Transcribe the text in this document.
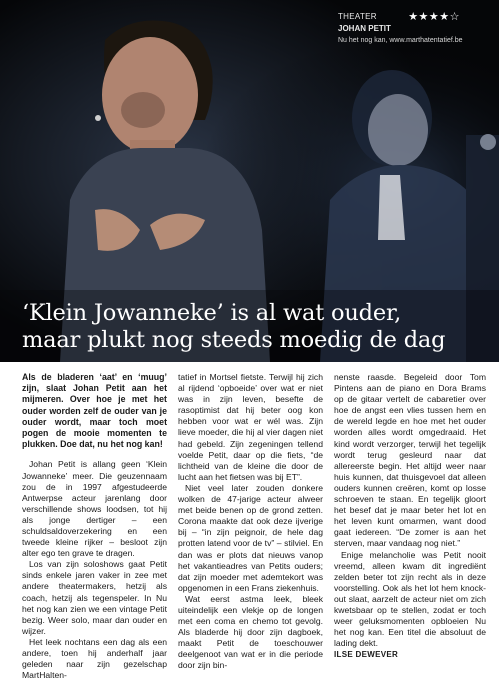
THEATER	★★★★☆
JOHAN PETIT
Nu het nog kan, www.marthatentatief.be
‘Klein Jowanneke’ is al wat ouder,
maar plukt nog steeds moedig de dag

Als de bladeren ‘aat’ en ‘muug’ zijn, slaat Johan Petit aan het mijmeren. Over hoe je met het ouder worden zelf de ouder van je ouder wordt, maar toch moet pogen de mooie momenten te plukken. Doe dat, nu het nog kan!

Johan Petit is allang geen ‘Klein Jowanneke’ meer. Die geuzennaam zou de in 1997 afgestudeerde Antwerpse acteur jarenlang door verschillende shows loodsen, tot hij als jonge dertiger – een schuldsaldoverzekering en een tweede kleine rijker – besloot zijn alter ego ten grave te dragen.

Los van zijn soloshows gaat Petit sinds enkele jaren vaker in zee met andere theatermakers, hetzij als coach, hetzij als tegenspeler. In Nu het nog kan zien we een vintage Petit bezig. Weer solo, maar dan ouder en wijzer.

Het leek nochtans een dag als een andere, toen hij anderhalf jaar geleden naar zijn gezelschap MartHalten-

tatief in Mortsel fietste. Terwijl hij zich al rijdend ‘opboeide’ over wat er niet was in zijn leven, besefte de rasoptimist dat hij beter oog kon hebben voor wat er wél was. Zijn lieve moeder, die hij al vier dagen niet had gebeld. Zijn zegeningen tellend voelde Petit, daar op die fiets, “de lichtheid van de kleine die door de lucht aan het fietsen was bij ET”.

Niet veel later zouden donkere wolken de 47-jarige acteur alweer met beide benen op de grond zetten. Corona maakte dat ook deze ijverige bij – “in zijn peignoir, de hele dag protten latend voor de tv” – stilviel. En dan was er plots dat nieuws vanop het vakantieadres van Petits ouders; dat zijn moeder met ademtekort was opgenomen in een Frans ziekenhuis.

Wat eerst astma leek, bleek uiteindelijk een vlekje op de longen met een coma en chemo tot gevolg. Als bladerde hij door zijn dagboek, maakt Petit de toeschouwer deelgenoot van wat er in die periode door zijn bin-

nenste raasde. Begeleid door Tom Pintens aan de piano en Dora Brams op de gitaar vertelt de cabaretier over hoe de angst een vlies tussen hem en de wereld legde en hoe met het ouder worden alles wordt omgedraaid. Het kind wordt verzorger, terwijl het tegelijk wordt terug gesleurd naar dat allereerste begin. Het altijd weer naar huis kunnen, dat thuisgevoel dat alleen ouders kunnen creëren, komt op losse schroeven te staan. En tegelijk gloort het besef dat je maar beter het lot en het leven kunt omarmen, want dood gaat iedereen. “De zomer is aan het sterven, maar vandaag nog niet.”

Enige melancholie was Petit nooit vreemd, alleen kwam dit ingrediënt zelden beter tot zijn recht als in deze voorstelling. Ook als het lot hem knock-out slaat, aarzelt de acteur niet om zich kwetsbaar op te stellen, zodat er toch weer geluksmomenten opbloeien Nu het nog kan. Een titel die absoluut de lading dekt.

ILSE DEWEVER
